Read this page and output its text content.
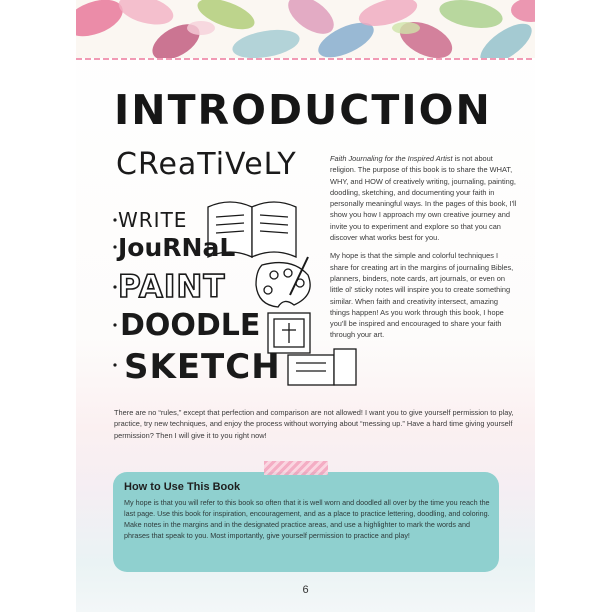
INTRODUCTION
CReaTiVeLY
WRITE
JouRNaL
PAINT
DOODLE
SKETCH

Faith Journaling for the Inspired Artist is not about religion. The purpose of this book is to share the WHAT, WHY, and HOW of creatively writing, journaling, painting, doodling, sketching, and documenting your faith in personally meaningful ways. In the pages of this book, I'll show you how I approach my own creative journey and invite you to experiment and explore so that you can discover what works best for you.

My hope is that the simple and colorful techniques I share for creating art in the margins of journaling Bibles, planners, binders, note cards, art journals, or even on little ol' sticky notes will inspire you to create something similar. When faith and creativity intersect, amazing things happen! As you work through this book, I hope you'll be inspired and encouraged to share your faith through your art.

There are no “rules,” except that perfection and comparison are not allowed! I want you to give yourself permission to play, practice, try new techniques, and enjoy the process without worrying about “messing up.” Have a hard time giving yourself permission? Then I will give it to you right now!

How to Use This Book

My hope is that you will refer to this book so often that it is well worn and doodled all over by the time you reach the last page. Use this book for inspiration, encouragement, and as a place to practice lettering, doodling, and coloring. Make notes in the margins and in the designated practice areas, and use a highlighter to mark the words and phrases that speak to you. Most importantly, give yourself permission to practice and play!

6
